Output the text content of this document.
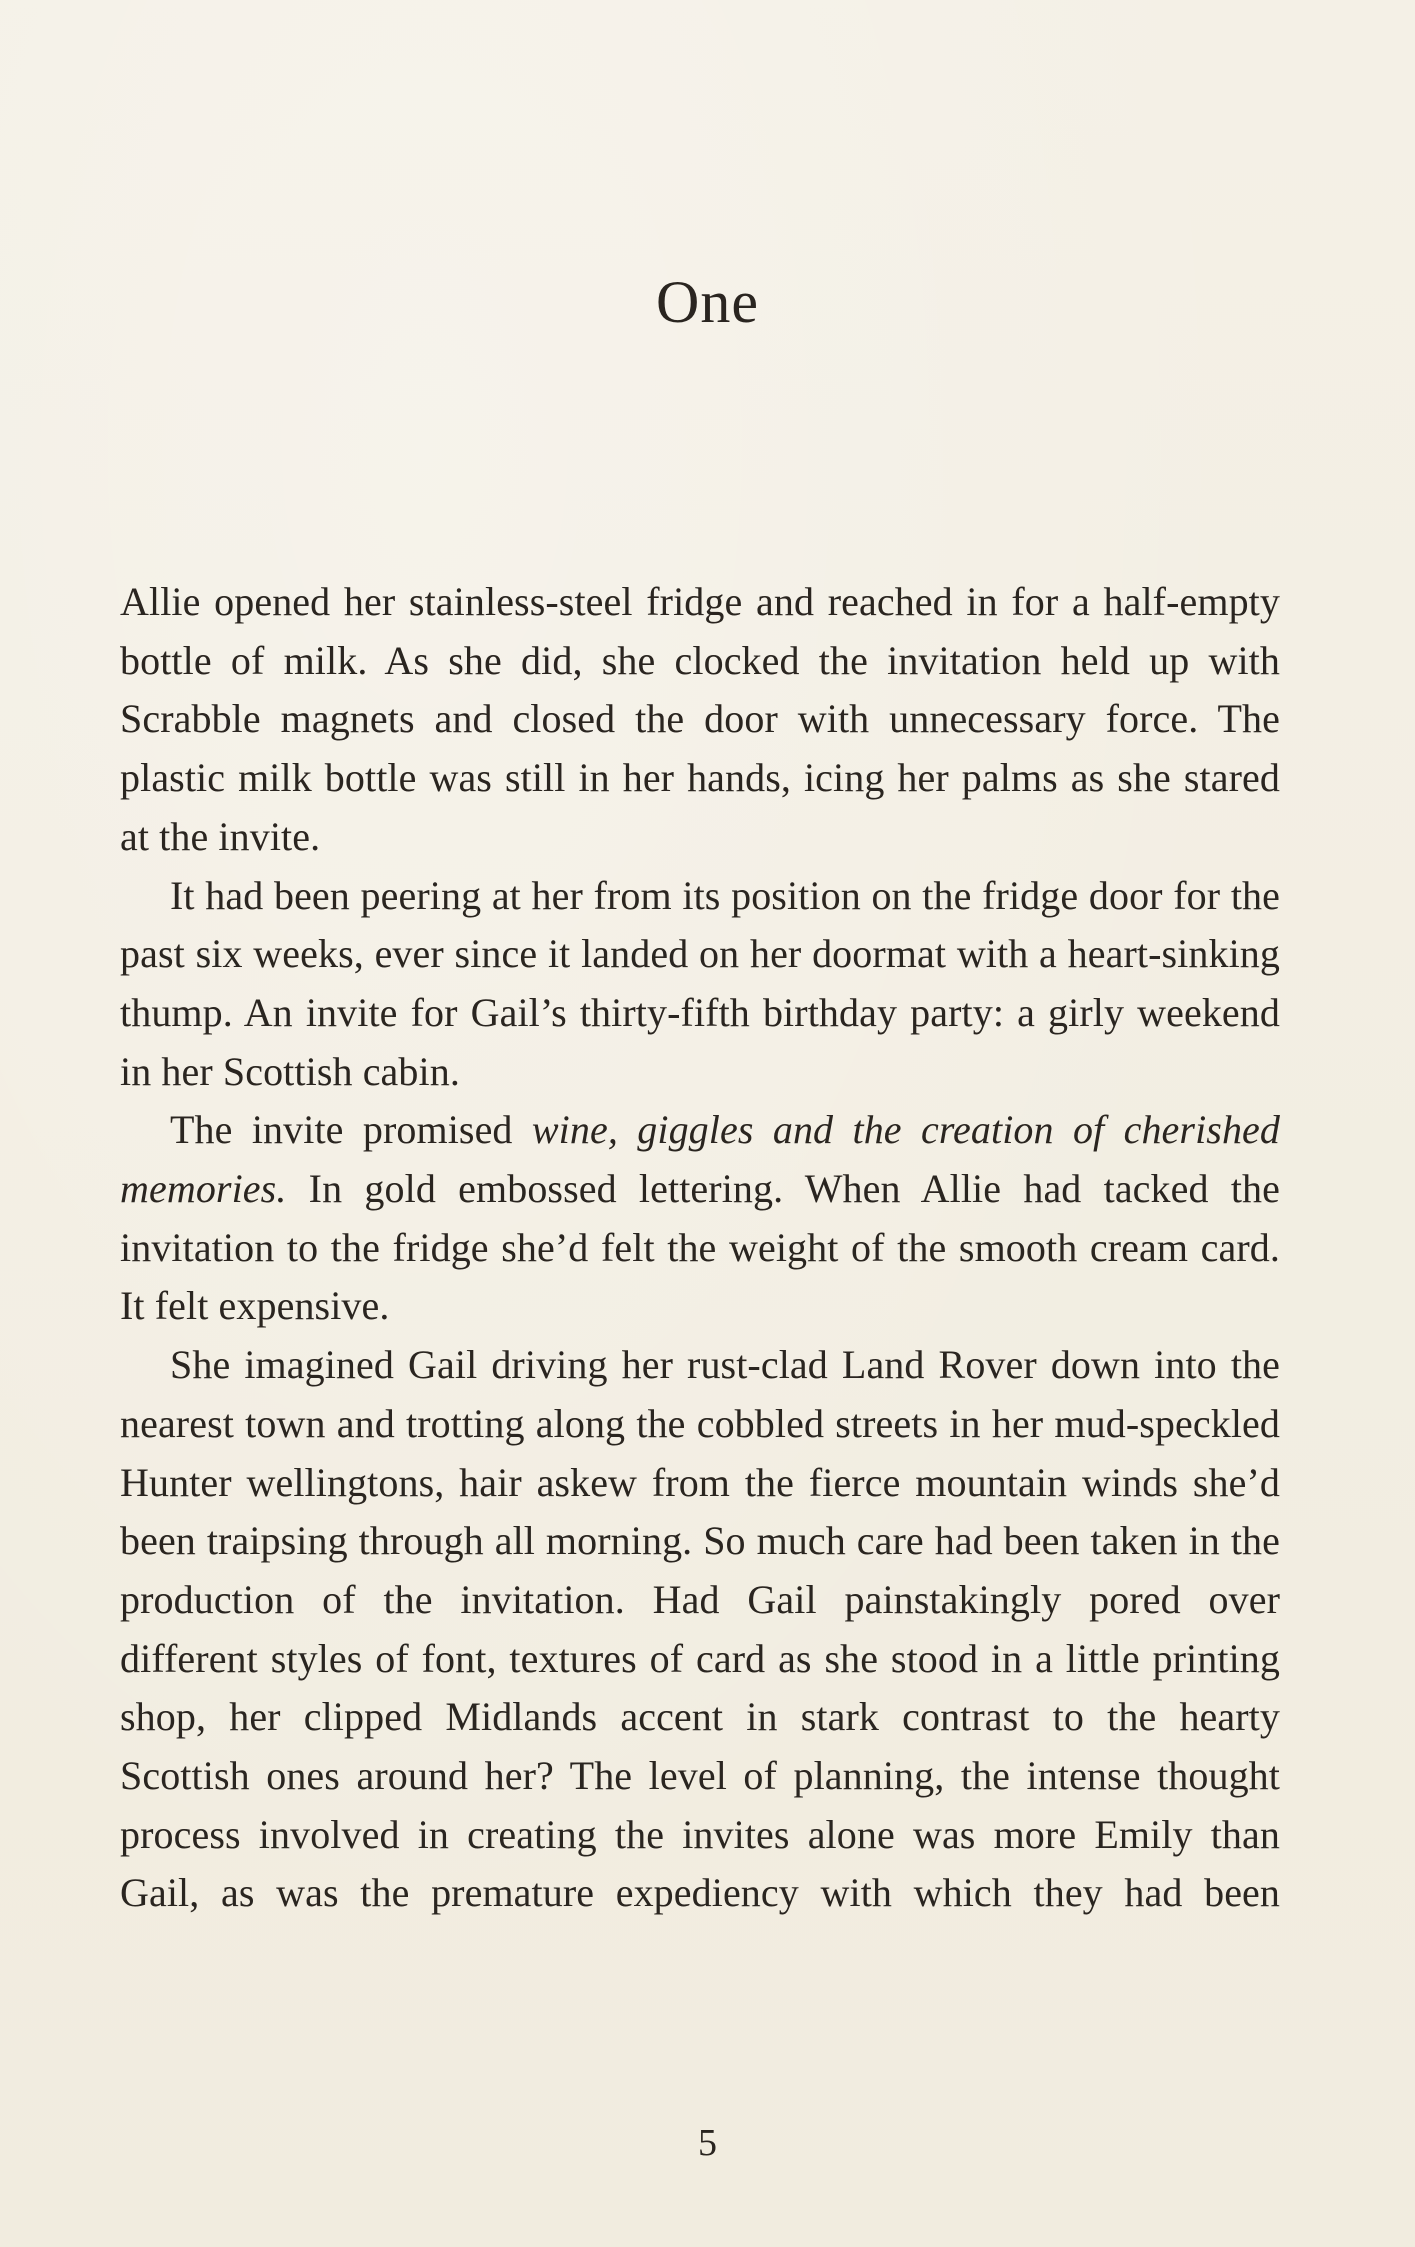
One

Allie opened her stainless-steel fridge and reached in for a half-empty bottle of milk. As she did, she clocked the invitation held up with Scrabble magnets and closed the door with unnecessary force. The plastic milk bottle was still in her hands, icing her palms as she stared at the invite.

It had been peering at her from its position on the fridge door for the past six weeks, ever since it landed on her doormat with a heart-sinking thump. An invite for Gail’s thirty-fifth birthday party: a girly weekend in her Scottish cabin.

The invite promised wine, giggles and the creation of cherished memories. In gold embossed lettering. When Allie had tacked the invitation to the fridge she’d felt the weight of the smooth cream card. It felt expensive.

She imagined Gail driving her rust-clad Land Rover down into the nearest town and trotting along the cobbled streets in her mud-speckled Hunter wellingtons, hair askew from the fierce mountain winds she’d been traipsing through all morning. So much care had been taken in the production of the invitation. Had Gail painstakingly pored over different styles of font, textures of card as she stood in a little printing shop, her clipped Midlands accent in stark contrast to the hearty Scottish ones around her? The level of planning, the intense thought process involved in creating the invites alone was more Emily than Gail, as was the premature expediency with which they had been

5
